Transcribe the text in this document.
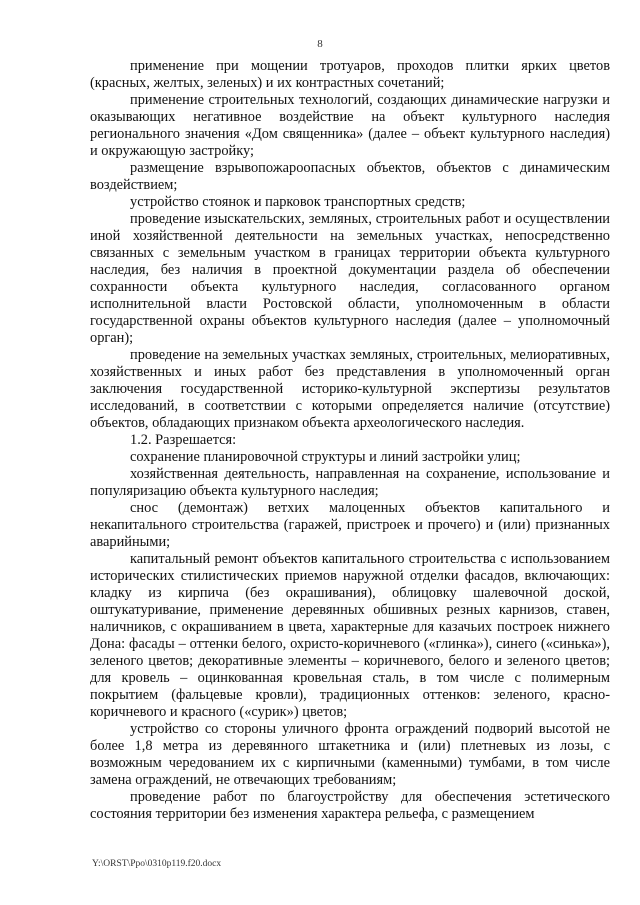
8

применение при мощении тротуаров, проходов плитки ярких цветов (красных, желтых, зеленых) и их контрастных сочетаний;

применение строительных технологий, создающих динамические нагрузки и оказывающих негативное воздействие на объект культурного наследия регионального значения «Дом священника» (далее – объект культурного наследия) и окружающую застройку;

размещение взрывопожароопасных объектов, объектов с динамическим воздействием;

устройство стоянок и парковок транспортных средств;

проведение изыскательских, земляных, строительных работ и осуществлении иной хозяйственной деятельности на земельных участках, непосредственно связанных с земельным участком в границах территории объекта культурного наследия, без наличия в проектной документации раздела об обеспечении сохранности объекта культурного наследия, согласованного органом исполнительной власти Ростовской области, уполномоченным в области государственной охраны объектов культурного наследия (далее – уполномочный орган);

проведение на земельных участках земляных, строительных, мелиоративных, хозяйственных и иных работ без представления в уполномоченный орган заключения государственной историко-культурной экспертизы результатов исследований, в соответствии с которыми определяется наличие (отсутствие) объектов, обладающих признаком объекта археологического наследия.

1.2. Разрешается:

сохранение планировочной структуры и линий застройки улиц;

хозяйственная деятельность, направленная на сохранение, использование и популяризацию объекта культурного наследия;

снос (демонтаж) ветхих малоценных объектов капитального и некапитального строительства (гаражей, пристроек и прочего) и (или) признанных аварийными;

капитальный ремонт объектов капитального строительства с использованием исторических стилистических приемов наружной отделки фасадов, включающих: кладку из кирпича (без окрашивания), облицовку шалевочной доской, оштукатуривание, применение деревянных обшивных резных карнизов, ставен, наличников, с окрашиванием в цвета, характерные для казачьих построек нижнего Дона: фасады – оттенки белого, охристо-коричневого («глинка»), синего («синька»), зеленого цветов; декоративные элементы – коричневого, белого и зеленого цветов; для кровель – оцинкованная кровельная сталь, в том числе с полимерным покрытием (фальцевые кровли), традиционных оттенков: зеленого, красно-коричневого и красного («сурик») цветов;

устройство со стороны уличного фронта ограждений подворий высотой не более 1,8 метра из деревянного штакетника и (или) плетневых из лозы, с возможным чередованием их с кирпичными (каменными) тумбами, в том числе замена ограждений, не отвечающих требованиям;

проведение работ по благоустройству для обеспечения эстетического состояния территории без изменения характера рельефа, с размещением

Y:\ORST\Ppo\0310p119.f20.docx
